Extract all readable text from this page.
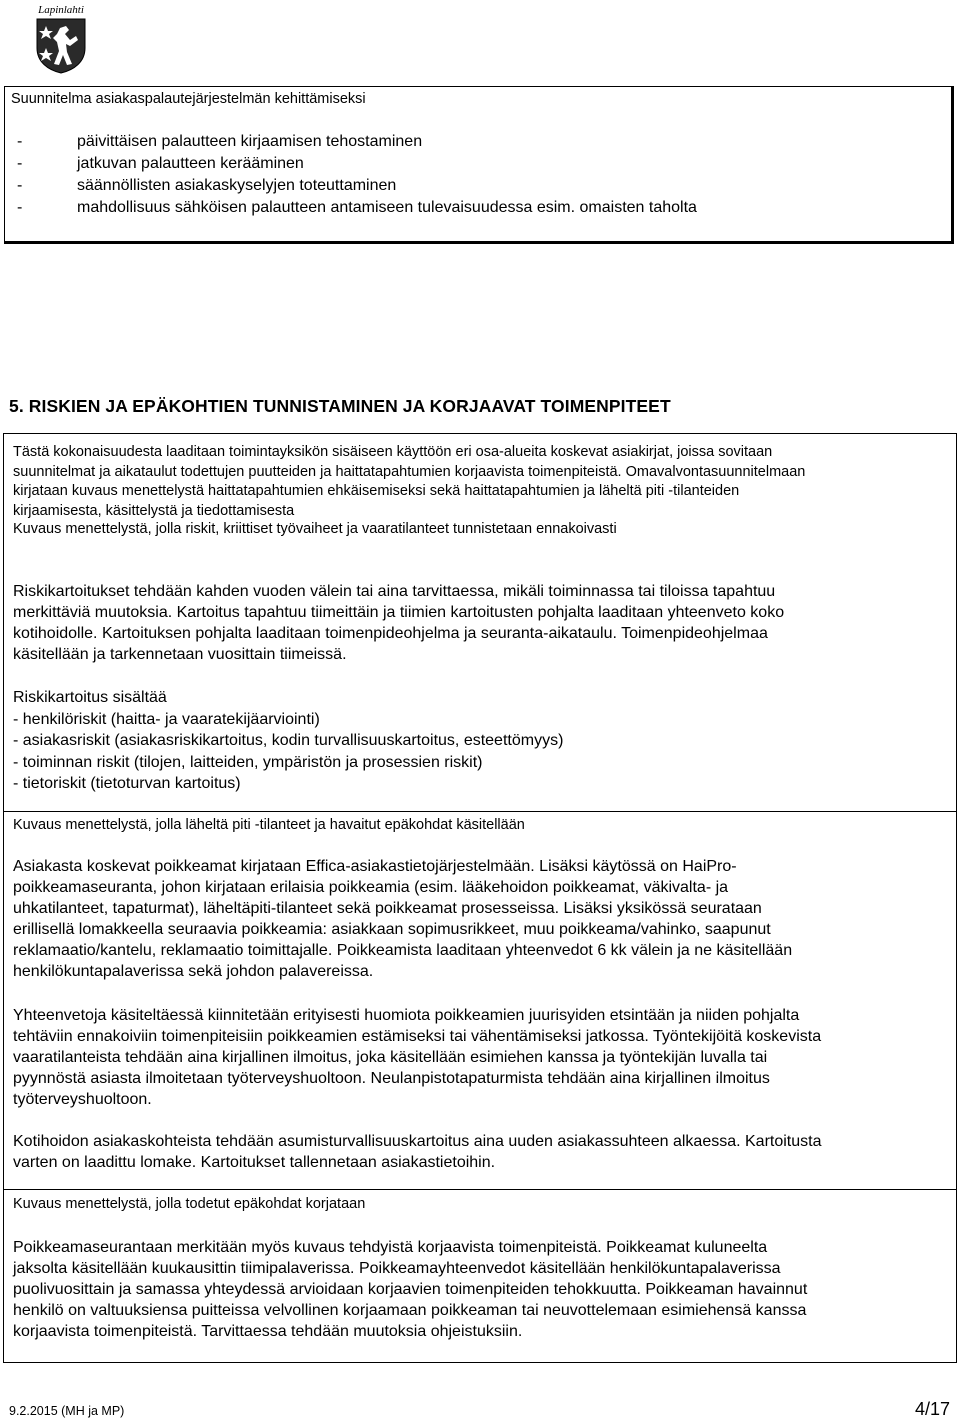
Lapinlahti
Suunnitelma asiakaspalautejärjestelmän kehittämiseksi
-	päivittäisen palautteen kirjaamisen tehostaminen
-	jatkuvan palautteen kerääminen
-	säännöllisten asiakaskyselyjen toteuttaminen
-	mahdollisuus sähköisen palautteen antamiseen tulevaisuudessa esim. omaisten taholta
5. RISKIEN JA EPÄKOHTIEN TUNNISTAMINEN JA KORJAAVAT TOIMENPITEET
Tästä kokonaisuudesta laaditaan toimintayksikön sisäiseen käyttöön eri osa-alueita koskevat asiakirjat, joissa sovitaan
suunnitelmat ja aikataulut todettujen puutteiden ja haittatapahtumien korjaavista toimenpiteistä. Omavalvontasuunnitelmaan
kirjataan kuvaus menettelystä haittatapahtumien ehkäisemiseksi sekä haittatapahtumien ja läheltä piti -tilanteiden
kirjaamisesta, käsittelystä ja tiedottamisesta
Kuvaus menettelystä, jolla riskit, kriittiset työvaiheet ja vaaratilanteet tunnistetaan ennakoivasti
Riskikartoitukset tehdään kahden vuoden välein tai aina tarvittaessa, mikäli toiminnassa tai tiloissa tapahtuu
merkittäviä muutoksia. Kartoitus tapahtuu tiimeittäin ja tiimien kartoitusten pohjalta laaditaan yhteenveto koko
kotihoidolle. Kartoituksen pohjalta laaditaan toimenpideohjelma ja seuranta-aikataulu. Toimenpideohjelmaa
käsitellään ja tarkennetaan vuosittain tiimeissä.
Riskikartoitus sisältää
- henkilöriskit (haitta- ja vaaratekijäarviointi)
- asiakasriskit (asiakasriskikartoitus, kodin turvallisuuskartoitus, esteettömyys)
- toiminnan riskit (tilojen, laitteiden, ympäristön ja prosessien riskit)
- tietoriskit (tietoturvan kartoitus)
Kuvaus menettelystä, jolla läheltä piti -tilanteet ja havaitut epäkohdat käsitellään
Asiakasta koskevat poikkeamat kirjataan Effica-asiakastietojärjestelmään. Lisäksi käytössä on HaiPro-
poikkeamaseuranta, johon kirjataan erilaisia poikkeamia (esim. lääkehoidon poikkeamat, väkivalta- ja
uhkatilanteet, tapaturmat), läheltäpiti-tilanteet sekä poikkeamat prosesseissa. Lisäksi yksikössä seurataan
erillisellä lomakkeella seuraavia poikkeamia: asiakkaan sopimusrikkeet, muu poikkeama/vahinko, saapunut
reklamaatio/kantelu, reklamaatio toimittajalle. Poikkeamista laaditaan yhteenvedot 6 kk välein ja ne käsitellään
henkilökuntapalaverissa sekä johdon palavereissa.
Yhteenvetoja käsiteltäessä kiinnitetään erityisesti huomiota poikkeamien juurisyiden etsintään ja niiden pohjalta
tehtäviin ennakoiviin toimenpiteisiin poikkeamien estämiseksi tai vähentämiseksi jatkossa. Työntekijöitä koskevista
vaaratilanteista tehdään aina kirjallinen ilmoitus, joka käsitellään esimiehen kanssa ja työntekijän luvalla tai
pyynnöstä asiasta ilmoitetaan työterveyshuoltoon. Neulanpistotapaturmista tehdään aina kirjallinen ilmoitus
työterveyshuoltoon.
Kotihoidon asiakaskohteista tehdään asumisturvallisuuskartoitus aina uuden asiakassuhteen alkaessa. Kartoitusta
varten on laadittu lomake. Kartoitukset tallennetaan asiakastietoihin.
Kuvaus menettelystä, jolla todetut epäkohdat korjataan
Poikkeamaseurantaan merkitään myös kuvaus tehdyistä korjaavista toimenpiteistä. Poikkeamat kuluneelta
jaksolta käsitellään kuukausittin tiimipalaverissa. Poikkeamayhteenvedot käsitellään henkilökuntapalaverissa
puolivuosittain ja samassa yhteydessä arvioidaan korjaavien toimenpiteiden tehokkuutta. Poikkeaman havainnut
henkilö on valtuuksiensa puitteissa velvollinen korjaamaan poikkeaman tai neuvottelemaan esimiehensä kanssa
korjaavista toimenpiteistä. Tarvittaessa tehdään muutoksia ohjeistuksiin.
9.2.2015 (MH ja MP)	4/17
